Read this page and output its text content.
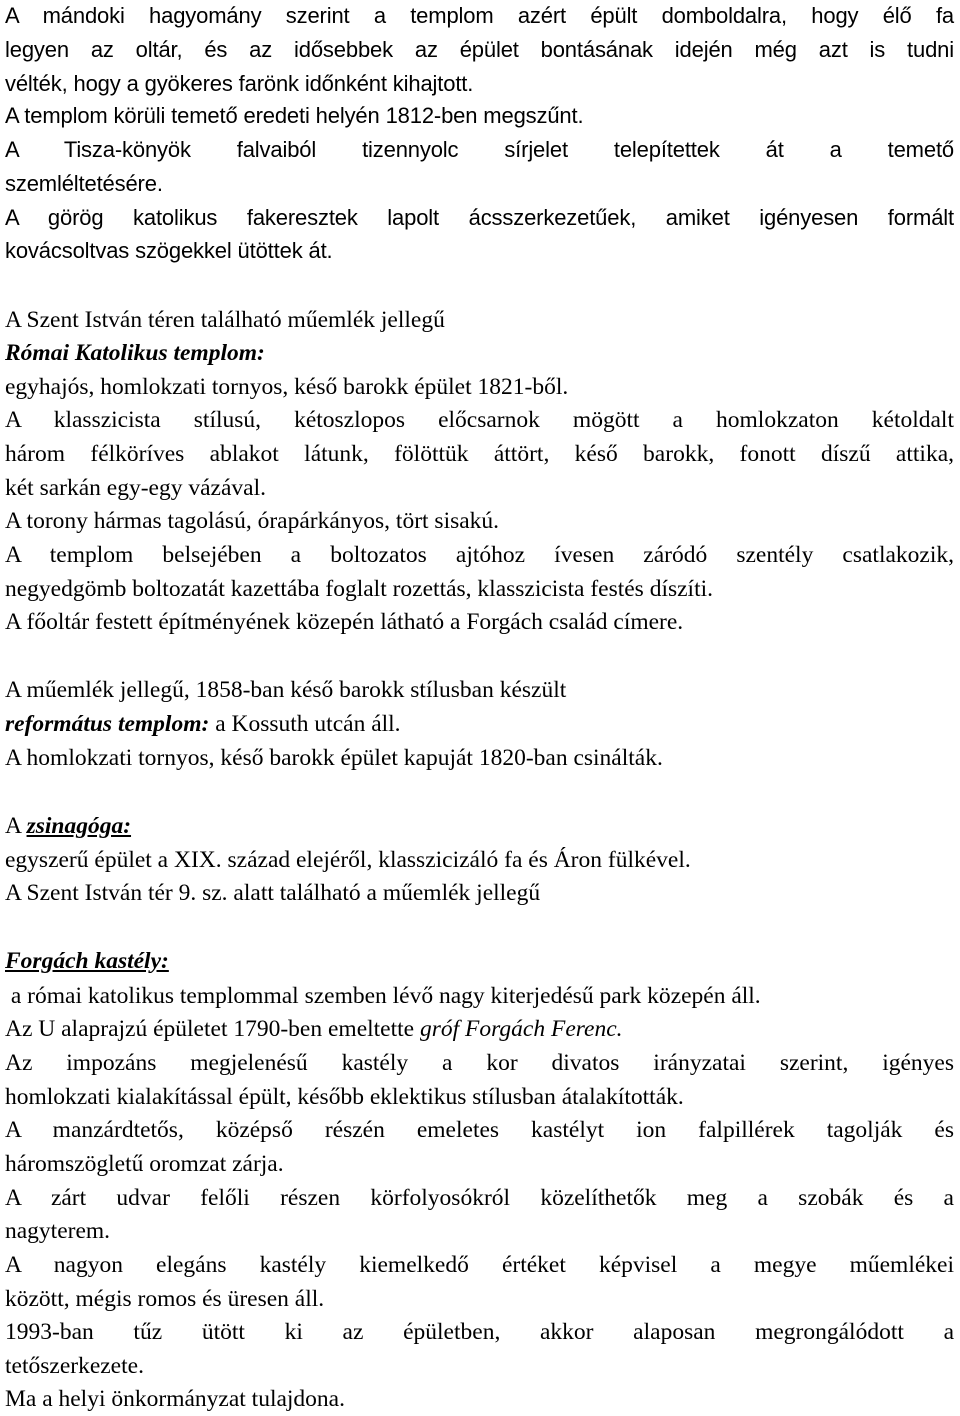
A mándoki hagyomány szerint a templom azért épült domboldalra, hogy élő fa
legyen az oltár, és az idősebbek az épület bontásának idején még azt is tudni
vélték, hogy a gyökeres farönk időnként kihajtott.
A templom körüli temető eredeti helyén 1812-ben megszűnt.
A Tisza-könyök falvaiból tizennyolc sírjelet telepítettek át a temető
szemléltetésére.
A görög katolikus fakeresztek lapolt ácsszerkezetűek, amiket igényesen formált
kovácsoltvas szögekkel ütöttek át.
A Szent István téren található műemlék jellegű
Római Katolikus templom:
egyhajós, homlokzati tornyos, késő barokk épület 1821-ből.
A klasszicista stílusú, kétoszlopos előcsarnok mögött a homlokzaton kétoldalt
három félköríves ablakot látunk, fölöttük áttört, késő barokk, fonott díszű attika,
két sarkán egy-egy vázával.
A torony hármas tagolású, órapárkányos, tört sisakú.
A templom belsejében a boltozatos ajtóhoz ívesen záródó szentély csatlakozik,
negyedgömb boltozatát kazettába foglalt rozettás, klasszicista festés díszíti.
A főoltár festett építményének közepén látható a Forgách család címere.
A műemlék jellegű, 1858-ban késő barokk stílusban készült
református templom: a Kossuth utcán áll.
A homlokzati tornyos, késő barokk épület kapuját 1820-ban csinálták.
A zsinagóga:
egyszerű épület a XIX. század elejéről, klasszicizáló fa és Áron fülkével.
A Szent István tér 9. sz. alatt található a műemlék jellegű
Forgách kastély:
a római katolikus templommal szemben lévő nagy kiterjedésű park közepén áll.
Az U alaprajzú épületet 1790-ben emeltette gróf Forgách Ferenc.
Az impozáns megjelenésű kastély a kor divatos irányzatai szerint, igényes
homlokzati kialakítással épült, később eklektikus stílusban átalakították.
A manzárdtetős, középső részén emeletes kastélyt ion falpillérek tagolják és
háromszögletű oromzat zárja.
A zárt udvar felőli részen körfolyosókról közelíthetők meg a szobák és a
nagyterem.
A nagyon elegáns kastély kiemelkedő értéket képvisel a megye műemlékei
között, mégis romos és üresen áll.
1993-ban tűz ütött ki az épületben, akkor alaposan megrongálódott a
tetőszerkezete.
Ma a helyi önkormányzat tulajdona.
